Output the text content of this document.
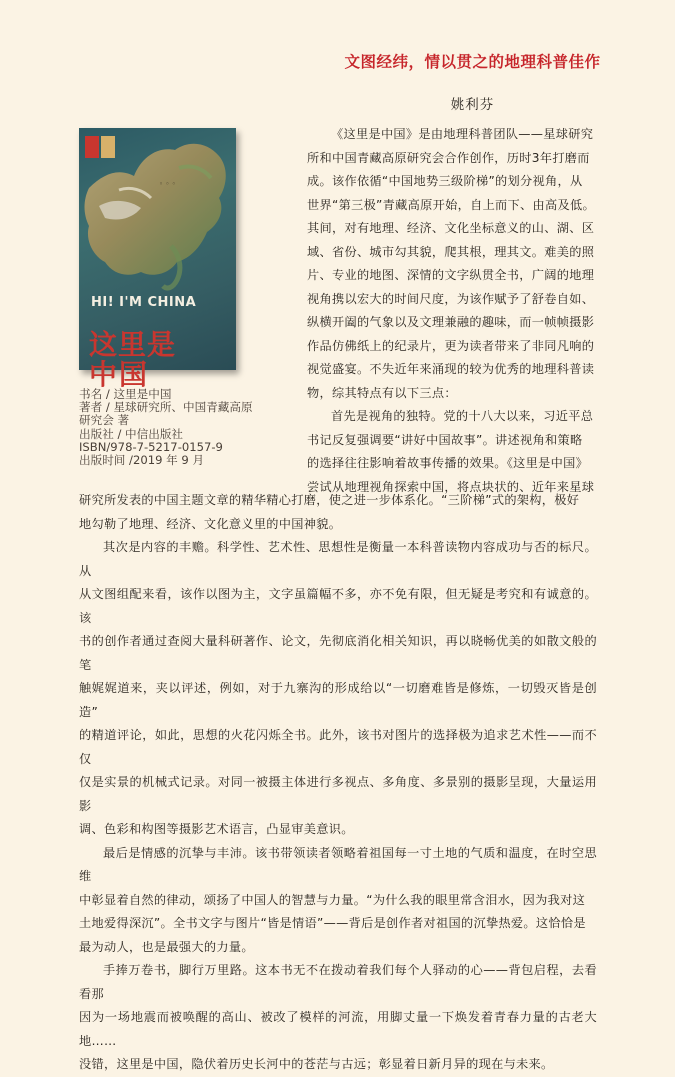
文图经纬，情以贯之的地理科普佳作
姚利芬
◦ ◦ ◦
HI! I'M CHINA
这里是
中国
书名 / 这里是中国
著者 / 星球研究所、中国青藏高原
研究会 著
出版社 / 中信出版社
ISBN/978-7-5217-0157-9
出版时间 /2019 年 9 月
《这里是中国》是由地理科普团队——星球研究
所和中国青藏高原研究会合作创作，历时3年打磨而
成。该作依循“中国地势三级阶梯”的划分视角，从
世界“第三极”青藏高原开始，自上而下、由高及低。
其间，对有地理、经济、文化坐标意义的山、湖、区
域、省份、城市勾其貌，爬其根，理其文。难美的照
片、专业的地图、深情的文字纵贯全书，广阔的地理
视角携以宏大的时间尺度，为该作赋予了舒卷自如、
纵横开阖的气象以及文理兼融的趣味，而一帧帧摄影
作品仿佛纸上的纪录片，更为读者带来了非同凡响的
视觉盛宴。不失近年来涌现的较为优秀的地理科普读
物，综其特点有以下三点：
首先是视角的独特。党的十八大以来，习近平总
书记反复强调要“讲好中国故事”。讲述视角和策略
的选择往往影响着故事传播的效果。《这里是中国》
尝试从地理视角探索中国，将点块状的、近年来星球
研究所发表的中国主题文章的精华精心打磨，使之进一步体系化。“三阶梯”式的架构，极好
地勾勒了地理、经济、文化意义里的中国神貌。
其次是内容的丰赡。科学性、艺术性、思想性是衡量一本科普读物内容成功与否的标尺。从
从文图组配来看，该作以图为主，文字虽篇幅不多，亦不免有限，但无疑是考究和有诚意的。该
书的创作者通过查阅大量科研著作、论文，先彻底消化相关知识，再以晓畅优美的如散文般的笔
触娓娓道来，夹以评述，例如，对于九寨沟的形成给以“一切磨难皆是修炼，一切毁灭皆是创造”
的精道评论，如此，思想的火花闪烁全书。此外，该书对图片的选择极为追求艺术性——而不仅
仅是实景的机械式记录。对同一被摄主体进行多视点、多角度、多景别的摄影呈现，大量运用影
调、色彩和构图等摄影艺术语言，凸显审美意识。
最后是情感的沉挚与丰沛。该书带领读者领略着祖国每一寸土地的气质和温度，在时空思维
中彰显着自然的律动，颂扬了中国人的智慧与力量。“为什么我的眼里常含泪水，因为我对这
土地爱得深沉”。全书文字与图片“皆是情语”——背后是创作者对祖国的沉挚热爱。这恰恰是
最为动人，也是最强大的力量。
手捧万卷书，脚行万里路。这本书无不在拨动着我们每个人驿动的心——背包启程，去看看那
因为一场地震而被唤醒的高山、被改了模样的河流，用脚丈量一下焕发着青春力量的古老大地……
没错，这里是中国，隐伏着历史长河中的苍茫与古远；彰显着日新月异的现在与未来。
